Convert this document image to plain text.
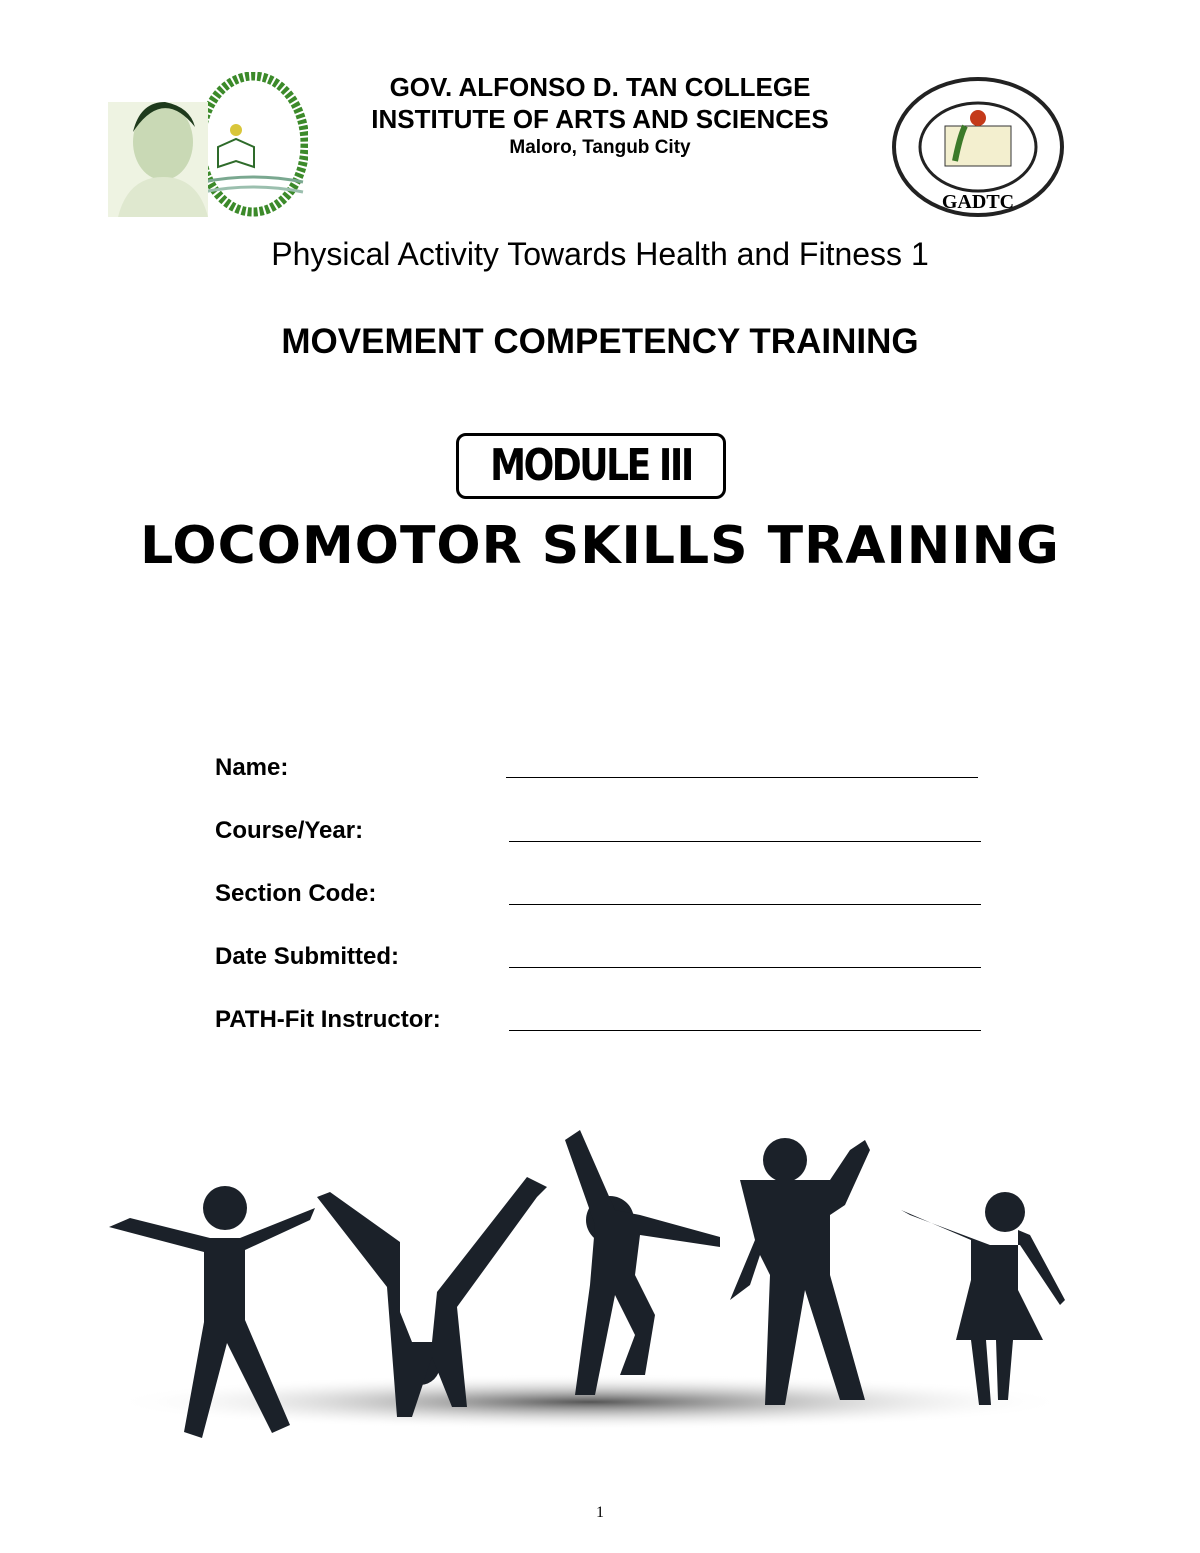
GOV. ALFONSO D. TAN COLLEGE
INSTITUTE OF ARTS AND SCIENCES
Maloro, Tangub City
GADTC
Physical Activity Towards Health and Fitness 1
MOVEMENT COMPETENCY TRAINING
MODULE III
LOCOMOTOR SKILLS TRAINING
Name:
Course/Year:
Section Code:
Date Submitted:
PATH-Fit Instructor:
1
